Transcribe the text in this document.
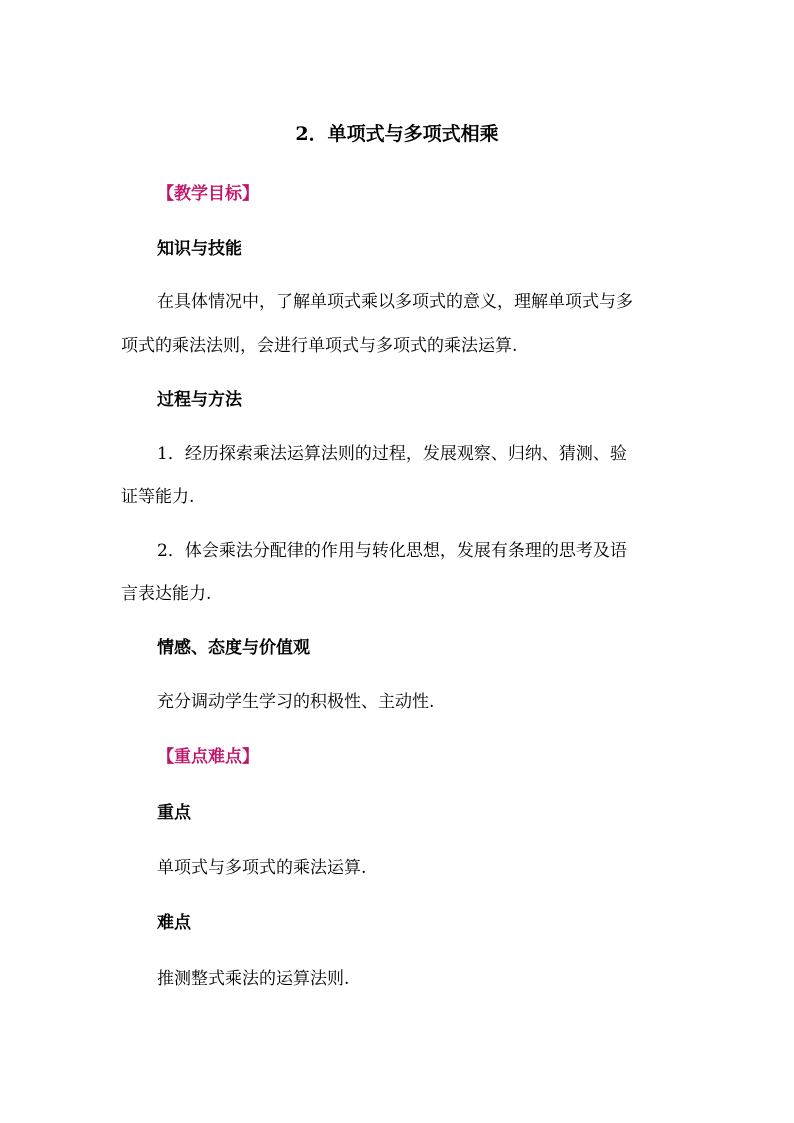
2．单项式与多项式相乘
【教学目标】
知识与技能
在具体情况中，了解单项式乘以多项式的意义，理解单项式与多
项式的乘法法则，会进行单项式与多项式的乘法运算.
过程与方法
1．经历探索乘法运算法则的过程，发展观察、归纳、猜测、验
证等能力.
2．体会乘法分配律的作用与转化思想，发展有条理的思考及语
言表达能力.
情感、态度与价值观
充分调动学生学习的积极性、主动性.
【重点难点】
重点
单项式与多项式的乘法运算.
难点
推测整式乘法的运算法则.
